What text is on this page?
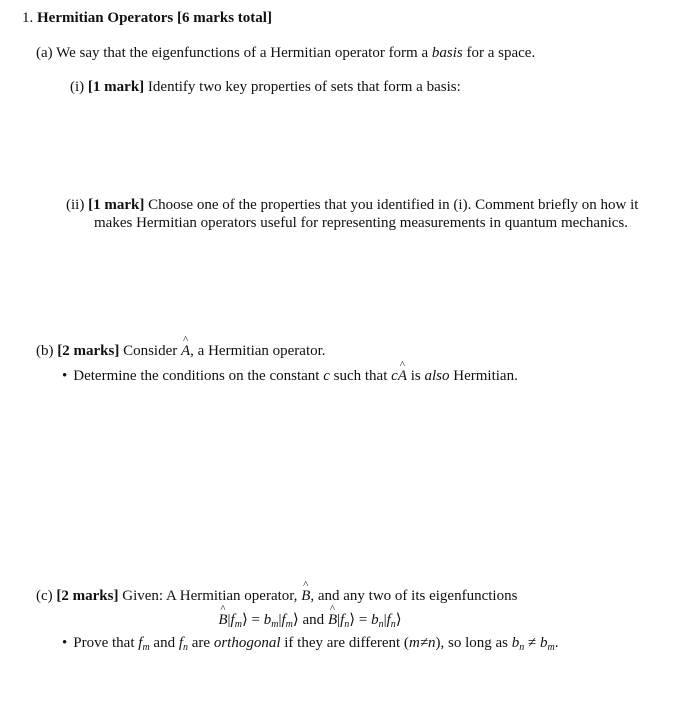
1. Hermitian Operators [6 marks total]
(a) We say that the eigenfunctions of a Hermitian operator form a basis for a space.
(i) [1 mark] Identify two key properties of sets that form a basis:
(ii) [1 mark] Choose one of the properties that you identified in (i). Comment briefly on how it
makes Hermitian operators useful for representing measurements in quantum mechanics.
(b) [2 marks] Consider A ^, a Hermitian operator.
• Determine the conditions on the constant c such that cA ^ is also Hermitian.
(c) [2 marks] Given: A Hermitian operator, B ^, and any two of its eigenfunctions
B $\^{}|f_m⟩$ = $b_m|f_m⟩$ and B $\^{}|f_n⟩$ = $b_n|f_n⟩$
• Prove that $f_m$ and $f_n$ are orthogonal if they are different (m≠n), so long as $b_n \ne b_m$.
